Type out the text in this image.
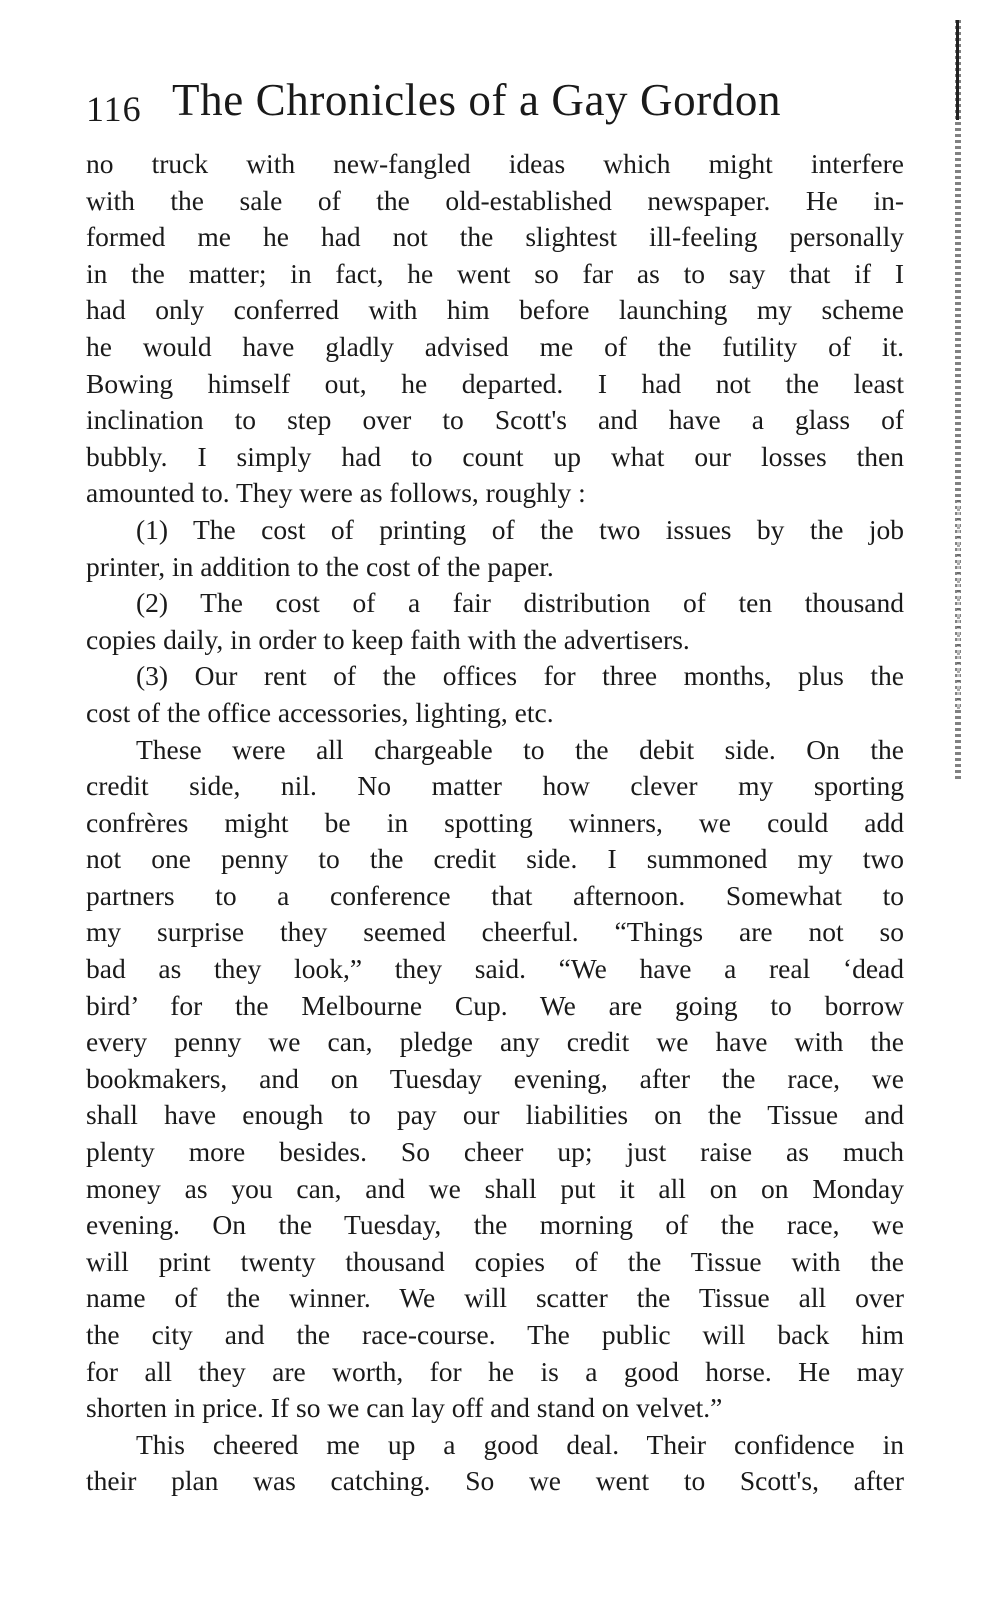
116 The Chronicles of a Gay Gordon
no truck with new-fangled ideas which might interfere
with the sale of the old-established newspaper. He in-
formed me he had not the slightest ill-feeling personally
in the matter; in fact, he went so far as to say that if I
had only conferred with him before launching my scheme
he would have gladly advised me of the futility of it.
Bowing himself out, he departed. I had not the least
inclination to step over to Scott's and have a glass of
bubbly. I simply had to count up what our losses then
amounted to. They were as follows, roughly :
(1) The cost of printing of the two issues by the job
printer, in addition to the cost of the paper.
(2) The cost of a fair distribution of ten thousand
copies daily, in order to keep faith with the advertisers.
(3) Our rent of the offices for three months, plus the
cost of the office accessories, lighting, etc.
These were all chargeable to the debit side. On the
credit side, nil. No matter how clever my sporting
confrères might be in spotting winners, we could add
not one penny to the credit side. I summoned my two
partners to a conference that afternoon. Somewhat to
my surprise they seemed cheerful. “Things are not so
bad as they look,” they said. “We have a real ‘dead
bird’ for the Melbourne Cup. We are going to borrow
every penny we can, pledge any credit we have with the
bookmakers, and on Tuesday evening, after the race, we
shall have enough to pay our liabilities on the Tissue and
plenty more besides. So cheer up; just raise as much
money as you can, and we shall put it all on on Monday
evening. On the Tuesday, the morning of the race, we
will print twenty thousand copies of the Tissue with the
name of the winner. We will scatter the Tissue all over
the city and the race-course. The public will back him
for all they are worth, for he is a good horse. He may
shorten in price. If so we can lay off and stand on velvet.”
This cheered me up a good deal. Their confidence in
their plan was catching. So we went to Scott's, after
